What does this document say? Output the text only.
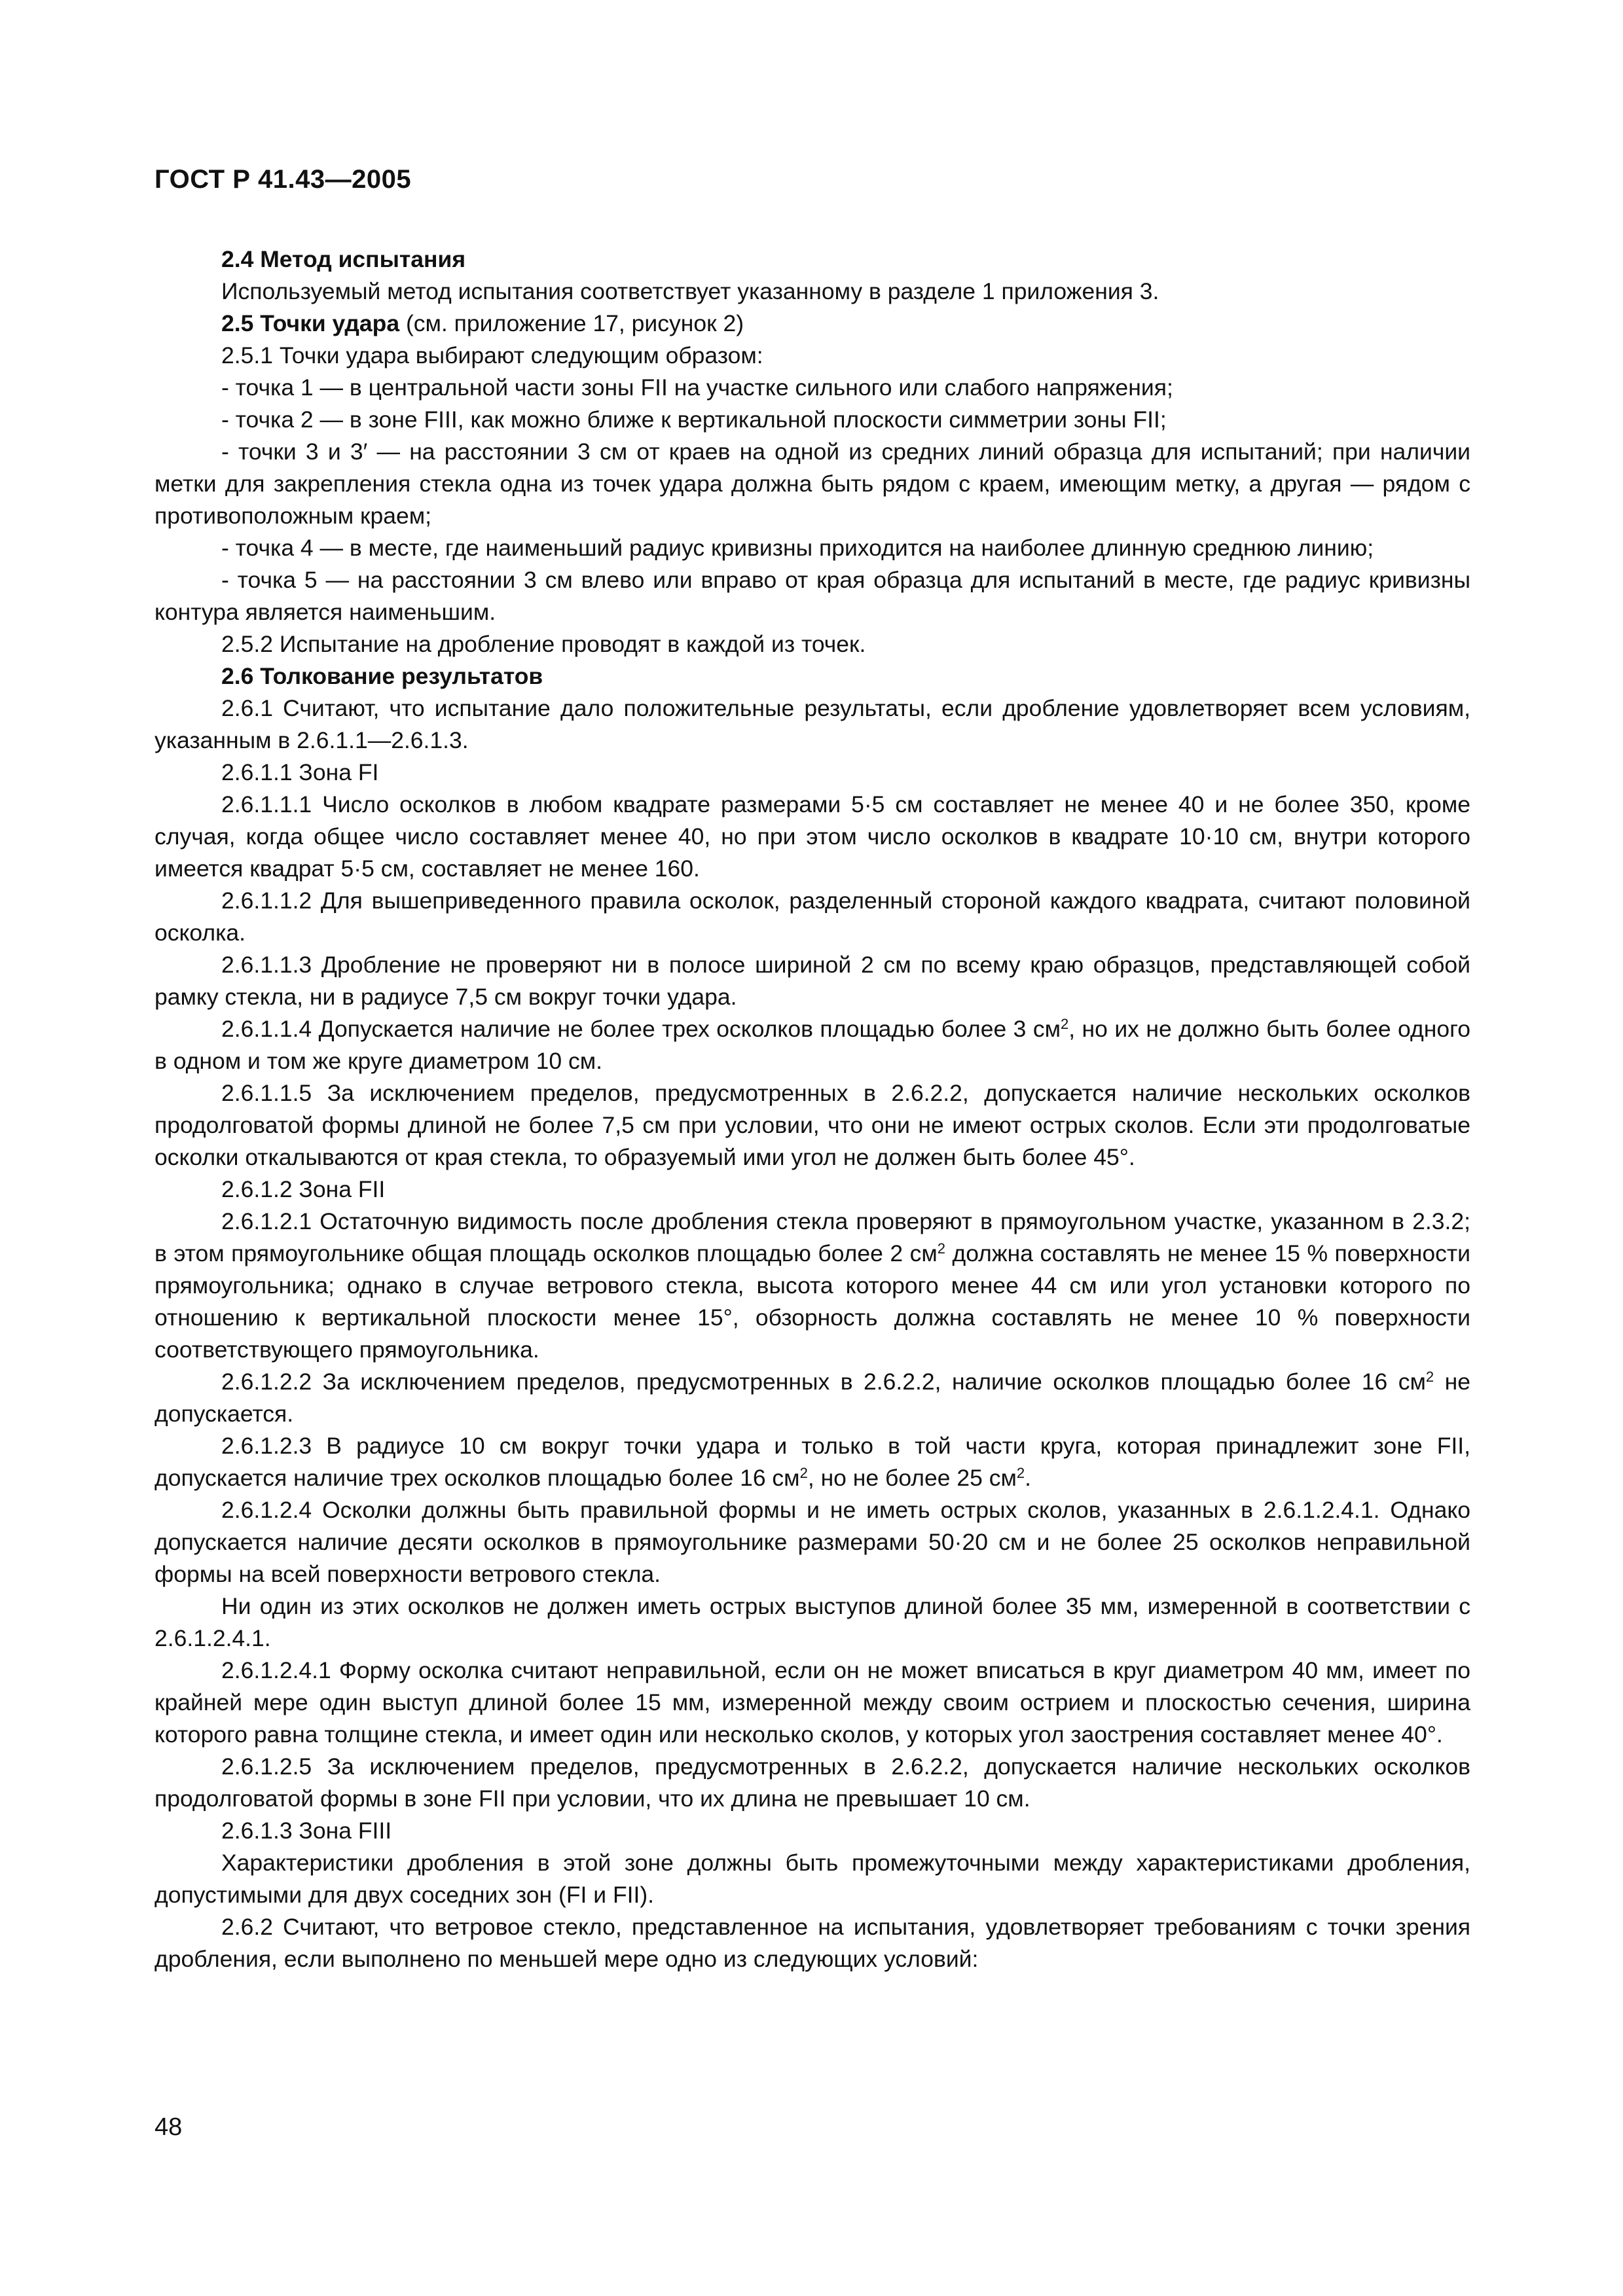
ГОСТ Р 41.43—2005

2.4 Метод испытания

Используемый метод испытания соответствует указанному в разделе 1 приложения 3.

2.5 Точки удара (см. приложение 17, рисунок 2)

2.5.1 Точки удара выбирают следующим образом:

- точка 1 — в центральной части зоны FII на участке сильного или слабого напряжения;

- точка 2 — в зоне FIII, как можно ближе к вертикальной плоскости симметрии зоны FII;

- точки 3 и 3′ — на расстоянии 3 см от краев на одной из средних линий образца для испытаний; при наличии метки для закрепления стекла одна из точек удара должна быть рядом с краем, имеющим метку, а другая — рядом с противоположным краем;

- точка 4 — в месте, где наименьший радиус кривизны приходится на наиболее длинную среднюю линию;

- точка 5 — на расстоянии 3 см влево или вправо от края образца для испытаний в месте, где радиус кривизны контура является наименьшим.

2.5.2 Испытание на дробление проводят в каждой из точек.

2.6 Толкование результатов

2.6.1 Считают, что испытание дало положительные результаты, если дробление удовлетворяет всем условиям, указанным в 2.6.1.1—2.6.1.3.

2.6.1.1 Зона FI

2.6.1.1.1 Число осколков в любом квадрате размерами 5·5 см составляет не менее 40 и не более 350, кроме случая, когда общее число составляет менее 40, но при этом число осколков в квадрате 10·10 см, внутри которого имеется квадрат 5·5 см, составляет не менее 160.

2.6.1.1.2 Для вышеприведенного правила осколок, разделенный стороной каждого квадрата, считают половиной осколка.

2.6.1.1.3 Дробление не проверяют ни в полосе шириной 2 см по всему краю образцов, представляющей собой рамку стекла, ни в радиусе 7,5 см вокруг точки удара.

2.6.1.1.4 Допускается наличие не более трех осколков площадью более 3 $см^2$, но их не должно быть более одного в одном и том же круге диаметром 10 см.

2.6.1.1.5 За исключением пределов, предусмотренных в 2.6.2.2, допускается наличие нескольких осколков продолговатой формы длиной не более 7,5 см при условии, что они не имеют острых сколов. Если эти продолговатые осколки откалываются от края стекла, то образуемый ими угол не должен быть более 45°.

2.6.1.2 Зона FII

2.6.1.2.1 Остаточную видимость после дробления стекла проверяют в прямоугольном участке, указанном в 2.3.2; в этом прямоугольнике общая площадь осколков площадью более 2 $см^2$ должна составлять не менее 15 % поверхности прямоугольника; однако в случае ветрового стекла, высота которого менее 44 см или угол установки которого по отношению к вертикальной плоскости менее 15°, обзорность должна составлять не менее 10 % поверхности соответствующего прямоугольника.

2.6.1.2.2 За исключением пределов, предусмотренных в 2.6.2.2, наличие осколков площадью более 16 $см^2$ не допускается.

2.6.1.2.3 В радиусе 10 см вокруг точки удара и только в той части круга, которая принадлежит зоне FII, допускается наличие трех осколков площадью более 16 $см^2$, но не более 25 $см^2$.

2.6.1.2.4 Осколки должны быть правильной формы и не иметь острых сколов, указанных в 2.6.1.2.4.1. Однако допускается наличие десяти осколков в прямоугольнике размерами 50·20 см и не более 25 осколков неправильной формы на всей поверхности ветрового стекла.

Ни один из этих осколков не должен иметь острых выступов длиной более 35 мм, измеренной в соответствии с 2.6.1.2.4.1.

2.6.1.2.4.1 Форму осколка считают неправильной, если он не может вписаться в круг диаметром 40 мм, имеет по крайней мере один выступ длиной более 15 мм, измеренной между своим острием и плоскостью сечения, ширина которого равна толщине стекла, и имеет один или несколько сколов, у которых угол заострения составляет менее 40°.

2.6.1.2.5 За исключением пределов, предусмотренных в 2.6.2.2, допускается наличие нескольких осколков продолговатой формы в зоне FII при условии, что их длина не превышает 10 см.

2.6.1.3 Зона FIII

Характеристики дробления в этой зоне должны быть промежуточными между характеристиками дробления, допустимыми для двух соседних зон (FI и FII).

2.6.2 Считают, что ветровое стекло, представленное на испытания, удовлетворяет требованиям с точки зрения дробления, если выполнено по меньшей мере одно из следующих условий:

48
